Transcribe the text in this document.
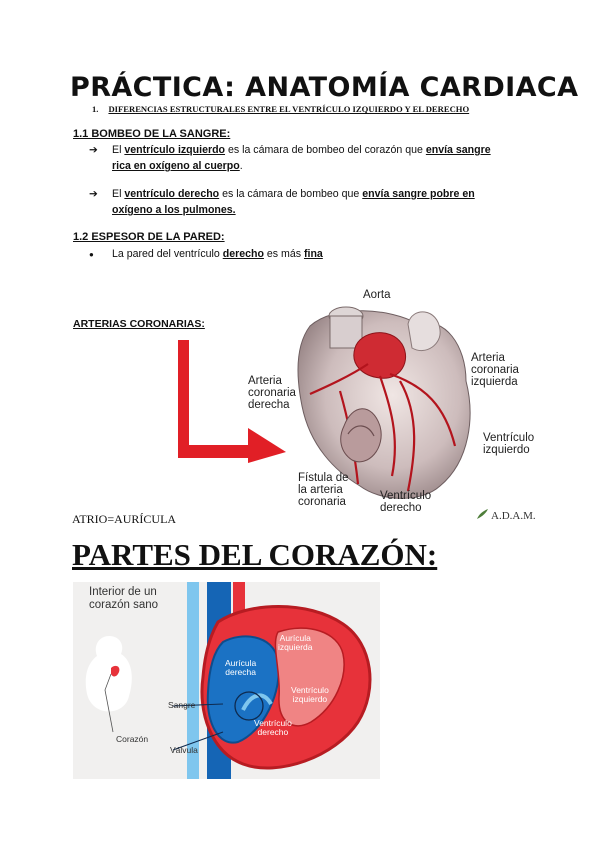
PRÁCTICA: ANATOMÍA CARDIACA
1. DIFERENCIAS ESTRUCTURALES ENTRE EL VENTRÍCULO IZQUIERDO Y EL DERECHO
1.1 BOMBEO DE LA SANGRE:
➔ El ventrículo izquierdo es la cámara de bombeo del corazón que envía sangre
rica en oxígeno al cuerpo.
➔ El ventrículo derecho es la cámara de bombeo que envía sangre pobre en
oxígeno a los pulmones.
1.2 ESPESOR DE LA PARED:
● La pared del ventrículo derecho es más fina
ARTERIAS CORONARIAS:
Aorta
Arteria
coronaria
izquierda
Arteria
coronaria
derecha
Ventrículo
izquierdo
Fístula de
la arteria
coronaria	Ventrículo
derecho
A.D.A.M.
ATRIO=AURÍCULA
PARTES DEL CORAZÓN:
Interior de un
corazón sano
Aurícula
izquierda
Aurícula
derecha
Ventrículo
izquierdo
Ventrículo
derecho
Sangre
Válvula
Corazón
